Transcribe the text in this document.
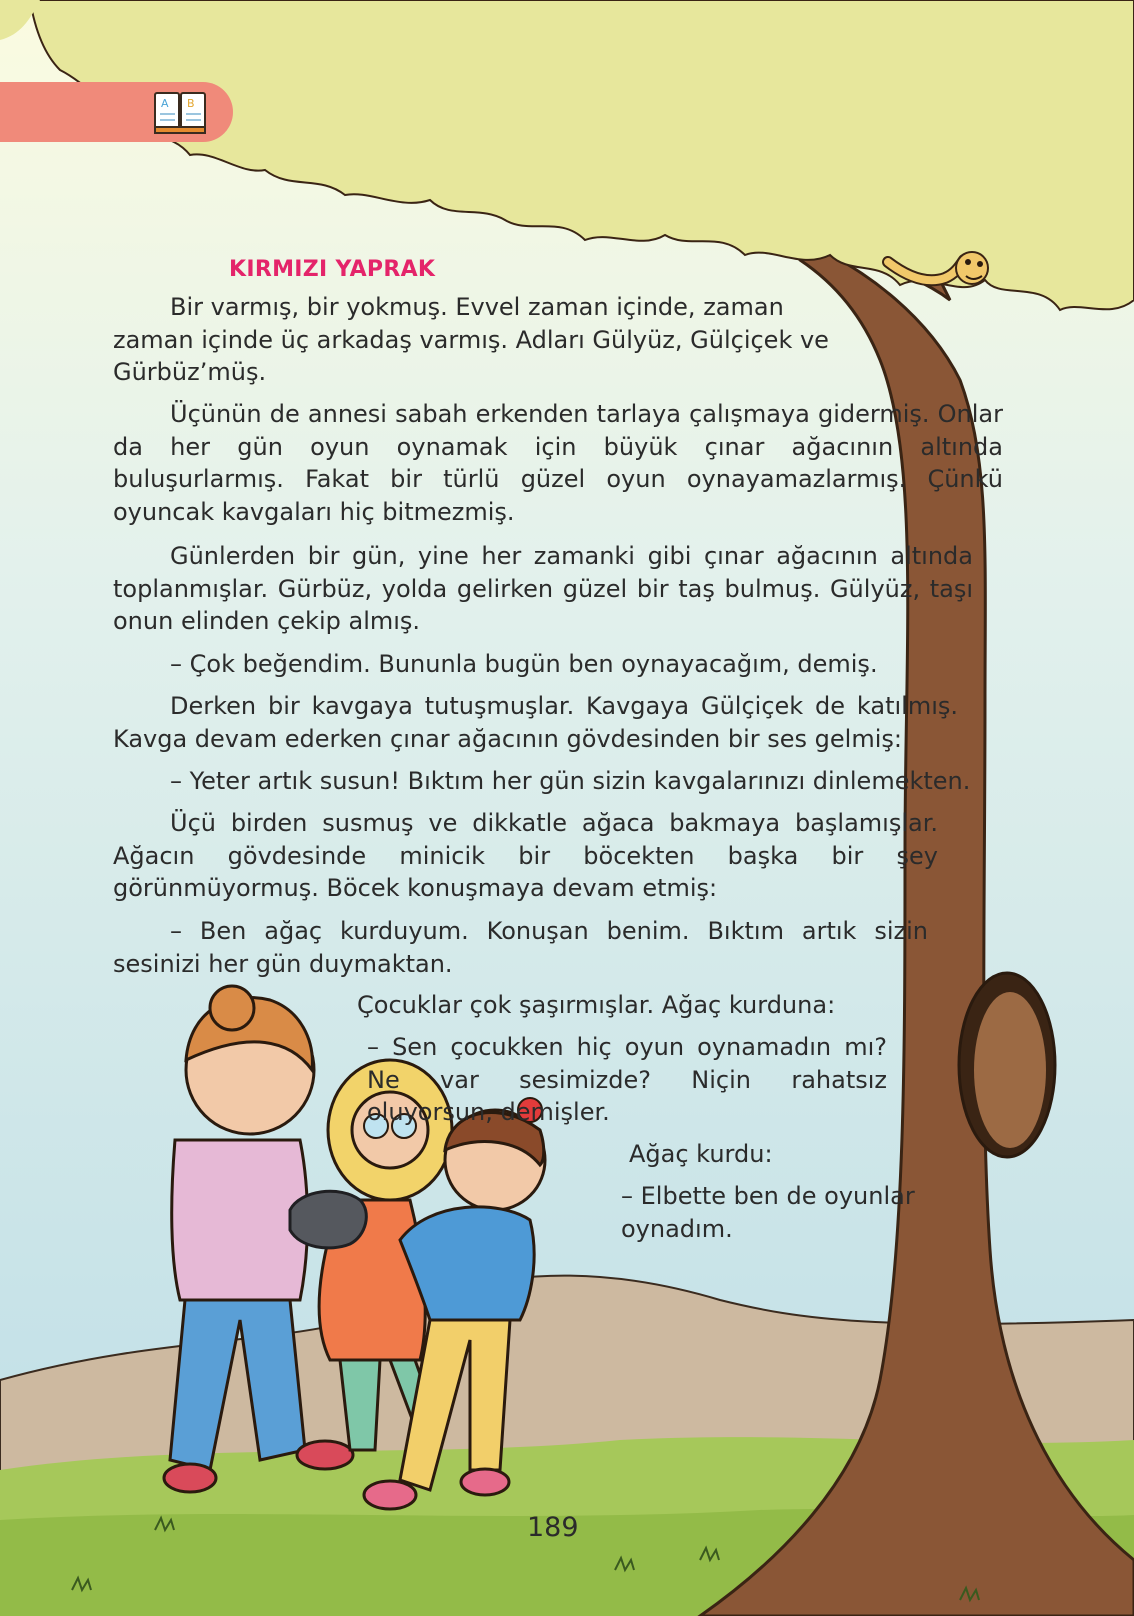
A B
KIRMIZI YAPRAK

Bir varmış, bir yokmuş. Evvel zaman içinde, zaman zaman içinde üç arkadaş varmış. Adları Gülyüz, Gülçiçek ve Gürbüz’müş.

Üçünün de annesi sabah erkenden tarlaya çalışmaya gidermiş. Onlar da her gün oyun oynamak için büyük çınar ağacının altında buluşurlarmış. Fakat bir türlü güzel oyun oynayamazlarmış. Çünkü oyuncak kavgaları hiç bitmezmiş.

Günlerden bir gün, yine her zamanki gibi çınar ağacının altında toplanmışlar. Gürbüz, yolda gelirken güzel bir taş bulmuş. Gülyüz, taşı onun elinden çekip almış.

– Çok beğendim. Bununla bugün ben oynayacağım, demiş.

Derken bir kavgaya tutuşmuşlar. Kavgaya Gülçiçek de katılmış. Kavga devam ederken çınar ağacının gövdesinden bir ses gelmiş:

– Yeter artık susun! Bıktım her gün sizin kavgalarınızı dinlemekten.

Üçü birden susmuş ve dikkatle ağaca bakmaya başlamışlar. Ağacın gövdesinde minicik bir böcekten başka bir şey görünmüyormuş. Böcek konuşmaya devam etmiş:

– Ben ağaç kurduyum. Konuşan benim. Bıktım artık sizin sesinizi her gün duymaktan.

Çocuklar çok şaşırmışlar. Ağaç kurduna:

– Sen çocukken hiç oyun oynamadın mı? Ne var sesimizde? Niçin rahatsız oluyorsun, demişler.

Ağaç kurdu:

– Elbette ben de oyunlar oynadım.

189
